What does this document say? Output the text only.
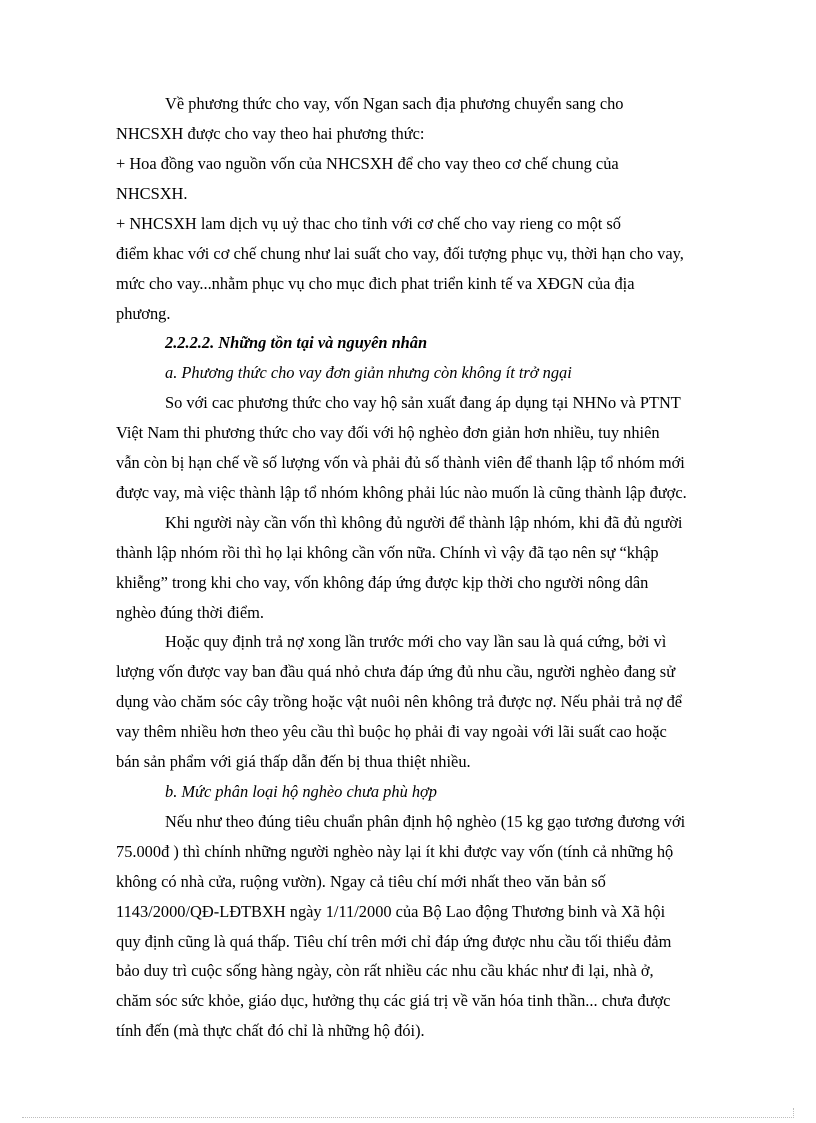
Về phương thức cho vay, vốn Ngan sach địa phương chuyển sang cho

NHCSXH được cho vay theo hai phương thức:

+ Hoa đồng vao nguồn vốn của NHCSXH để cho vay theo cơ chế chung của

NHCSXH.

+ NHCSXH lam dịch vụ uỷ thac cho tỉnh với cơ chế cho vay rieng co một số

điểm khac với cơ chế chung như lai suất cho vay, đối tượng phục vụ, thời hạn cho vay,

mức cho vay...nhằm phục vụ cho mục đich phat triển kinh tế va XĐGN của địa

phương.

2.2.2.2. Những tồn tại và nguyên nhân

a. Phương thức cho vay đơn giản nhưng còn không ít trở ngại

So với cac phương thức cho vay hộ sản xuất đang áp dụng tại NHNo và PTNT

Việt Nam thi phương thức cho vay đối với hộ nghèo đơn giản hơn nhiều, tuy nhiên

vẫn còn bị hạn chế về số lượng vốn và phải đủ số thành viên để thanh lập tổ nhóm mới

được vay, mà việc thành lập tổ nhóm không phải lúc nào muốn là cũng thành lập được.

Khi người này cần vốn thì không đủ người để thành lập nhóm, khi đã đủ người

thành lập nhóm rồi thì họ lại không cần vốn nữa. Chính vì vậy đã tạo nên sự “khập

khiễng” trong khi cho vay, vốn không đáp ứng được kịp thời cho người nông dân

nghèo đúng thời điểm.

Hoặc quy định trả nợ xong lần trước mới cho vay lần sau là quá cứng, bởi vì

lượng vốn được vay ban đầu quá nhỏ chưa đáp ứng đủ nhu cầu, người nghèo đang sử

dụng vào chăm sóc cây trồng hoặc vật nuôi nên không trả được nợ. Nếu phải trả nợ để

vay thêm nhiều hơn theo yêu cầu thì buộc họ phải đi vay ngoài với lãi suất cao hoặc

bán sản phẩm với giá thấp dẫn đến bị thua thiệt nhiều.

b. Mức phân loại hộ nghèo chưa phù hợp

Nếu như theo đúng tiêu chuẩn phân định hộ nghèo (15 kg gạo tương đương với

75.000đ ) thì chính những người nghèo này lại ít khi được vay vốn (tính cả những hộ

không có nhà cửa, ruộng vườn). Ngay cả tiêu chí mới nhất theo văn bản số

1143/2000/QĐ-LĐTBXH ngày 1/11/2000 của Bộ Lao động Thương binh và Xã hội

quy định cũng là quá thấp. Tiêu chí trên mới chỉ đáp ứng được nhu cầu tối thiểu đảm

bảo duy trì cuộc sống hàng ngày, còn rất nhiều các nhu cầu khác như đi lại, nhà ở,

chăm sóc sức khỏe, giáo dục, hưởng thụ các giá trị về văn hóa tinh thần... chưa được

tính đến (mà thực chất đó chỉ là những hộ đói).
